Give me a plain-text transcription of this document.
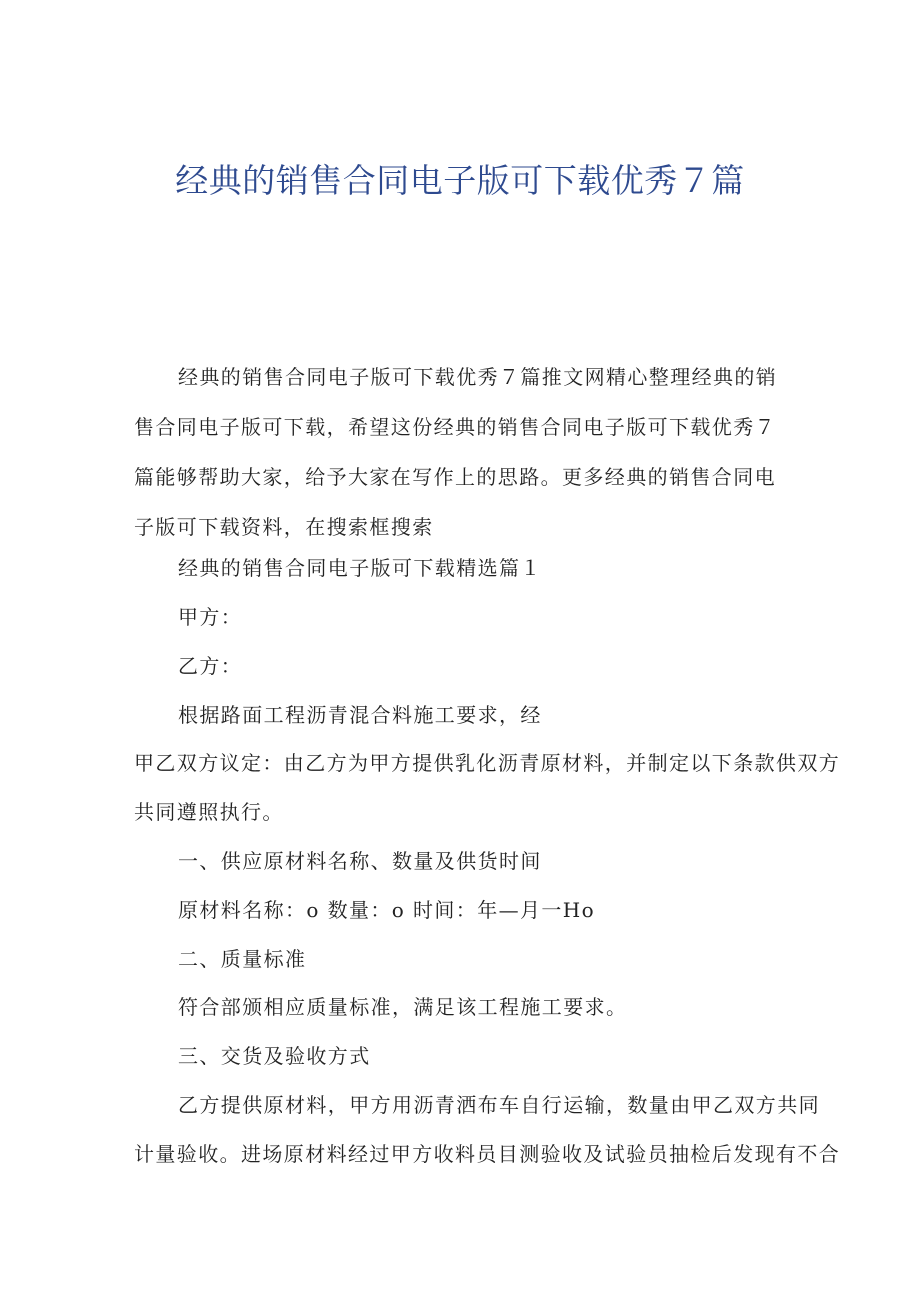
经典的销售合同电子版可下载优秀７篇
经典的销售合同电子版可下载优秀７篇推文网精心整理经典的销售合同电子版可下载，希望这份经典的销售合同电子版可下载优秀７篇能够帮助大家，给予大家在写作上的思路。更多经典的销售合同电子版可下载资料，在搜索框搜索
经典的销售合同电子版可下载精选篇１
甲方：
乙方：
根据路面工程沥青混合料施工要求，经
甲乙双方议定：由乙方为甲方提供乳化沥青原材料，并制定以下条款供双方
共同遵照执行。
一、供应原材料名称、数量及供货时间
原材料名称：o 数量：o 时间：年—月一Ho
二、质量标准
符合部颁相应质量标准，满足该工程施工要求。
三、交货及验收方式
乙方提供原材料，甲方用沥青洒布车自行运输，数量由甲乙双方共同
计量验收。进场原材料经过甲方收料员目测验收及试验员抽检后发现有不合
